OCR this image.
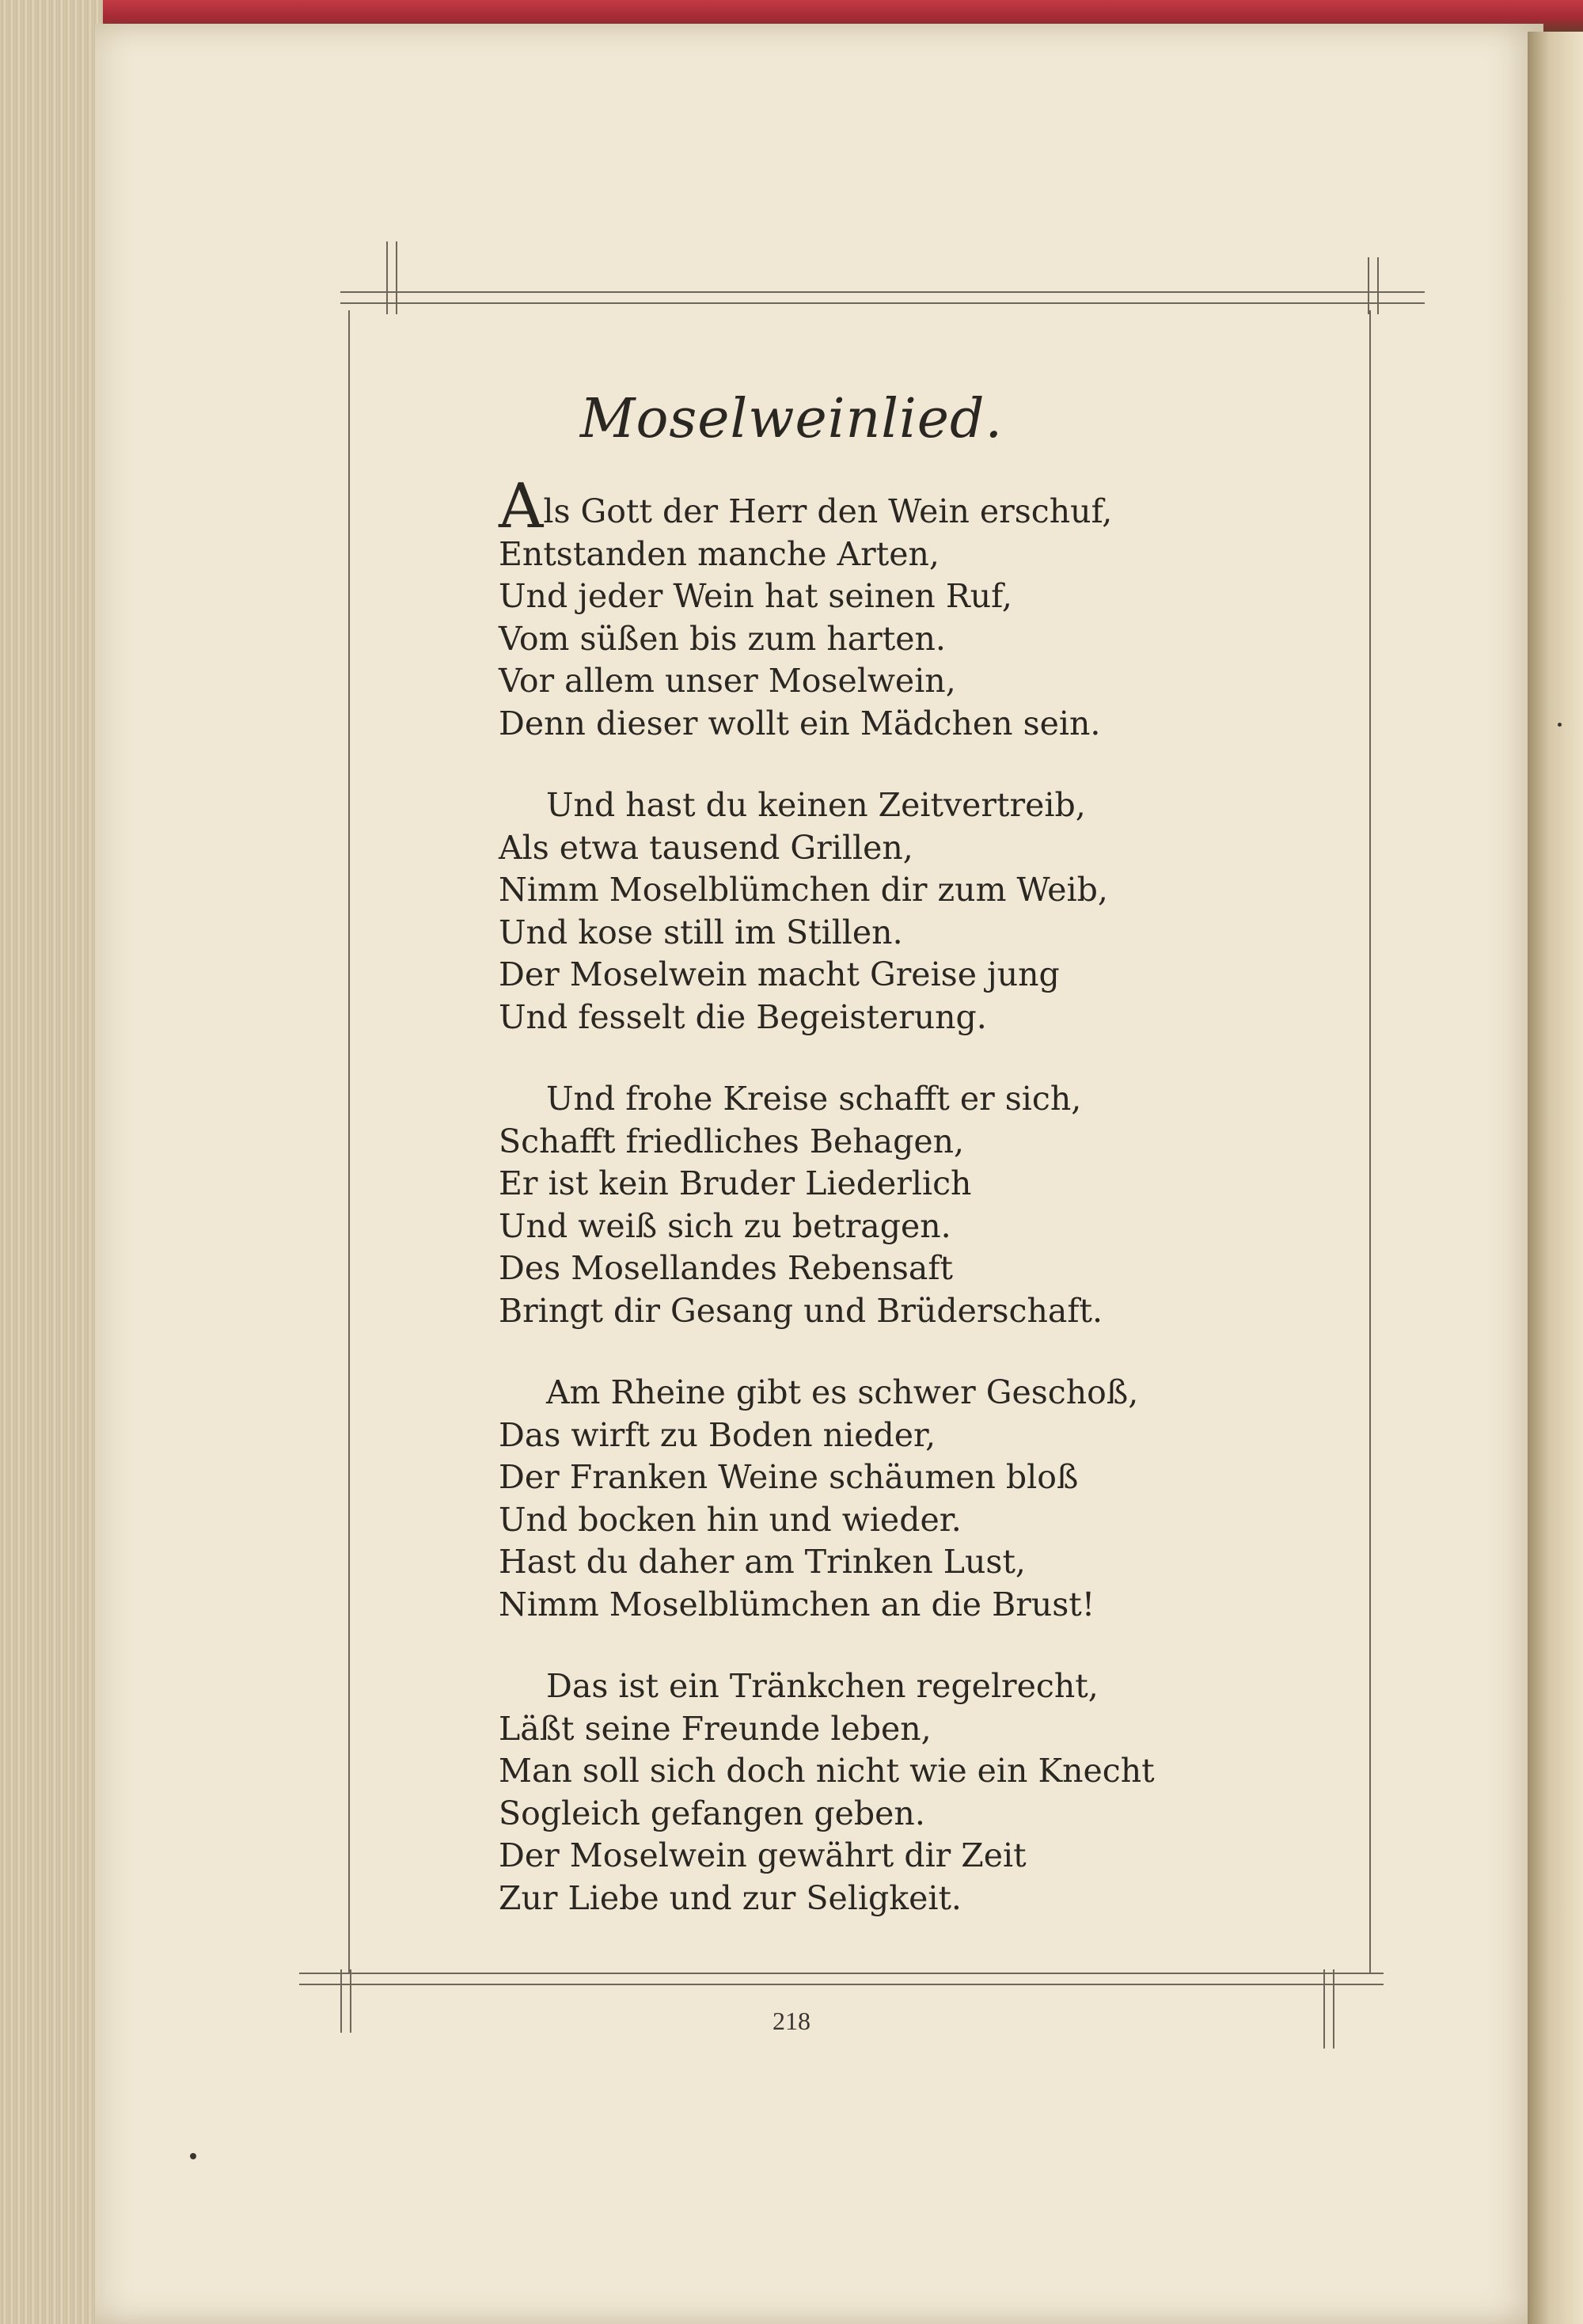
Moselweinlied.
Als Gott der Herr den Wein erschuf,
Entstanden manche Arten,
Und jeder Wein hat seinen Ruf,
Vom süßen bis zum harten.
Vor allem unser Moselwein,
Denn dieser wollt ein Mädchen sein.
Und hast du keinen Zeitvertreib,
Als etwa tausend Grillen,
Nimm Moselblümchen dir zum Weib,
Und kose still im Stillen.
Der Moselwein macht Greise jung
Und fesselt die Begeisterung.
Und frohe Kreise schafft er sich,
Schafft friedliches Behagen,
Er ist kein Bruder Liederlich
Und weiß sich zu betragen.
Des Mosellandes Rebensaft
Bringt dir Gesang und Brüderschaft.
Am Rheine gibt es schwer Geschoß,
Das wirft zu Boden nieder,
Der Franken Weine schäumen bloß
Und bocken hin und wieder.
Hast du daher am Trinken Lust,
Nimm Moselblümchen an die Brust!
Das ist ein Tränkchen regelrecht,
Läßt seine Freunde leben,
Man soll sich doch nicht wie ein Knecht
Sogleich gefangen geben.
Der Moselwein gewährt dir Zeit
Zur Liebe und zur Seligkeit.
218
